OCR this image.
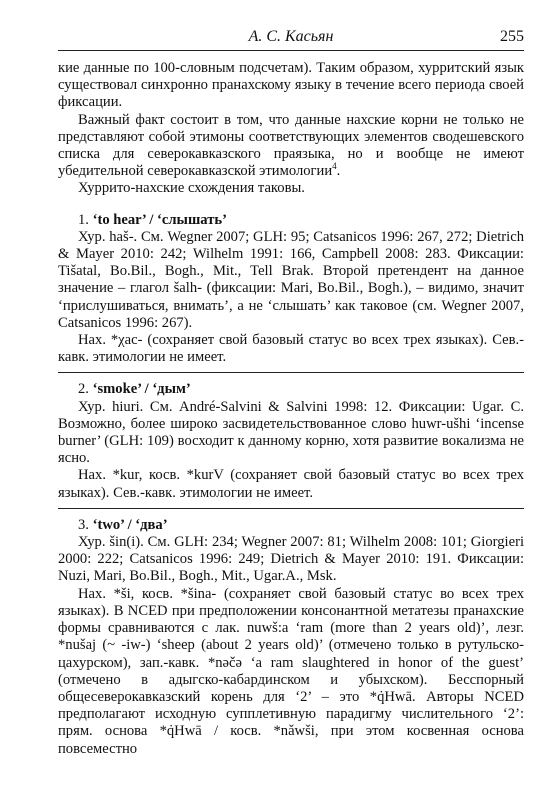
А. С. Касьян	255

кие данные по 100-словным подсчетам). Таким образом, хурритский язык существовал синхронно пранахскому языку в течение всего периода своей фиксации.

Важный факт состоит в том, что данные нахские корни не только не представляют собой этимоны соответствующих элементов сводешевского списка для северокавказского праязыка, но и вообще не имеют убедительной северокавказской этимологии$^4$.

Хуррито-нахские схождения таковы.

1. ‘to hear’ / ‘слышать’

Хур. haš-. См. Wegner 2007; GLH: 95; Catsanicos 1996: 267, 272; Dietrich & Mayer 2010: 242; Wilhelm 1991: 166, Campbell 2008: 283. Фиксации: Tišatal, Bo.Bil., Bogh., Mit., Tell Brak. Второй претендент на данное значение – глагол šalh- (фиксации: Mari, Bo.Bil., Bogh.), – видимо, значит ‘прислушиваться, внимать’, а не ‘слышать’ как таковое (см. Wegner 2007, Catsanicos 1996: 267).

Нах. *χac- (сохраняет свой базовый статус во всех трех языках). Сев.-кавк. этимологии не имеет.

2. ‘smoke’ / ‘дым’

Хур. hiuri. См. André-Salvini & Salvini 1998: 12. Фиксации: Ugar. C. Возможно, более широко засвидетельствованное слово huwr-ušhi ‘incense burner’ (GLH: 109) восходит к данному корню, хотя развитие вокализма не ясно.

Нах. *kur, косв. *kurV (сохраняет свой базовый статус во всех трех языках). Сев.-кавк. этимологии не имеет.

3. ‘two’ / ‘два’

Хур. šin(i). См. GLH: 234; Wegner 2007: 81; Wilhelm 2008: 101; Giorgieri 2000: 222; Catsanicos 1996: 249; Dietrich & Mayer 2010: 191. Фиксации: Nuzi, Mari, Bo.Bil., Bogh., Mit., Ugar.A., Msk.

Нах. *ši, косв. *šina- (сохраняет свой базовый статус во всех трех языках). В NCED при предположении консонантной метатезы пранахские формы сравниваются с лак. nuwš:a ‘ram (more than 2 years old)’, лезг. *nušaj (~ -iw-) ‘sheep (about 2 years old)’ (отмечено только в рутульско-цахурском), зап.-кавк. *nəčə ‘a ram slaughtered in honor of the guest’ (отмечено в адыгско-кабардинском и убыхском). Бесспорный общесеверокавказский корень для ‘2’ – это *q̇Hwā. Авторы NCED предполагают исходную супплетивную парадигму числительного ‘2’: прям. основа *q̇Hwā / косв. *nǎwši, при этом косвенная основа повсеместно
